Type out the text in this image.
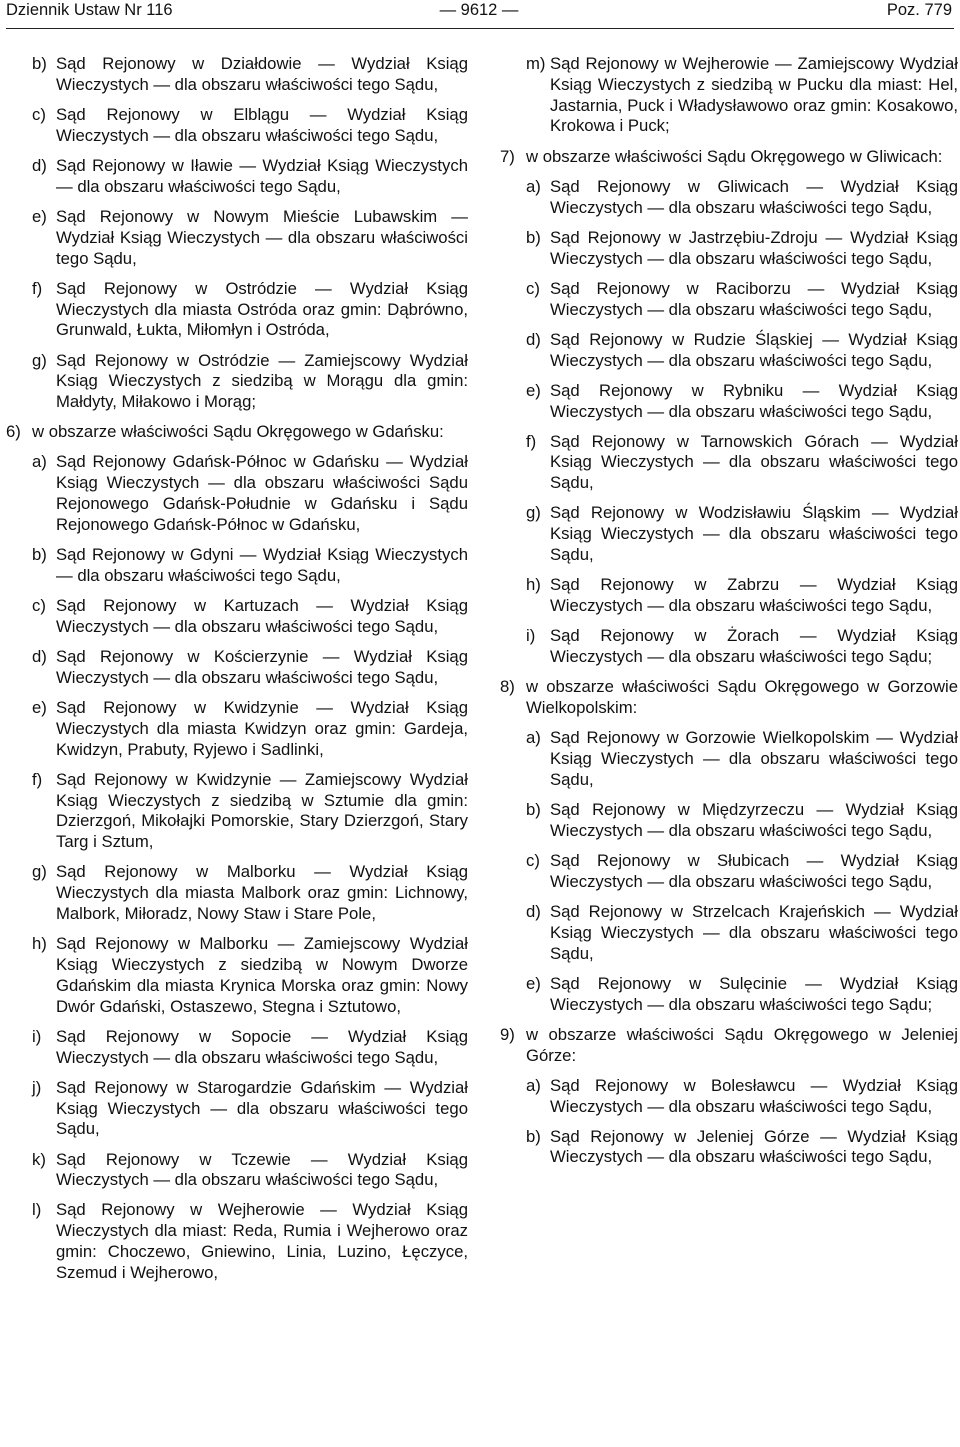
Dziennik Ustaw Nr 116	— 9612 —	Poz. 779
b) Sąd Rejonowy w Działdowie — Wydział Ksiąg Wieczystych — dla obszaru właściwości tego Sądu,
c) Sąd Rejonowy w Elblągu — Wydział Ksiąg Wieczystych — dla obszaru właściwości tego Sądu,
d) Sąd Rejonowy w Iławie — Wydział Ksiąg Wieczystych — dla obszaru właściwości tego Sądu,
e) Sąd Rejonowy w Nowym Mieście Lubawskim — Wydział Ksiąg Wieczystych — dla obszaru właściwości tego Sądu,
f) Sąd Rejonowy w Ostródzie — Wydział Ksiąg Wieczystych dla miasta Ostróda oraz gmin: Dąbrówno, Grunwald, Łukta, Miłomłyn i Ostróda,
g) Sąd Rejonowy w Ostródzie — Zamiejscowy Wydział Ksiąg Wieczystych z siedzibą w Morągu dla gmin: Małdyty, Miłakowo i Morąg;
6) w obszarze właściwości Sądu Okręgowego w Gdańsku:
a) Sąd Rejonowy Gdańsk-Północ w Gdańsku — Wydział Ksiąg Wieczystych — dla obszaru właściwości Sądu Rejonowego Gdańsk-Południe w Gdańsku i Sądu Rejonowego Gdańsk-Północ w Gdańsku,
b) Sąd Rejonowy w Gdyni — Wydział Ksiąg Wieczystych — dla obszaru właściwości tego Sądu,
c) Sąd Rejonowy w Kartuzach — Wydział Ksiąg Wieczystych — dla obszaru właściwości tego Sądu,
d) Sąd Rejonowy w Kościerzynie — Wydział Ksiąg Wieczystych — dla obszaru właściwości tego Sądu,
e) Sąd Rejonowy w Kwidzynie — Wydział Ksiąg Wieczystych dla miasta Kwidzyn oraz gmin: Gardeja, Kwidzyn, Prabuty, Ryjewo i Sadlinki,
f) Sąd Rejonowy w Kwidzynie — Zamiejscowy Wydział Ksiąg Wieczystych z siedzibą w Sztumie dla gmin: Dzierzgoń, Mikołajki Pomorskie, Stary Dzierzgoń, Stary Targ i Sztum,
g) Sąd Rejonowy w Malborku — Wydział Ksiąg Wieczystych dla miasta Malbork oraz gmin: Lichnowy, Malbork, Miłoradz, Nowy Staw i Stare Pole,
h) Sąd Rejonowy w Malborku — Zamiejscowy Wydział Ksiąg Wieczystych z siedzibą w Nowym Dworze Gdańskim dla miasta Krynica Morska oraz gmin: Nowy Dwór Gdański, Ostaszewo, Stegna i Sztutowo,
i) Sąd Rejonowy w Sopocie — Wydział Ksiąg Wieczystych — dla obszaru właściwości tego Sądu,
j) Sąd Rejonowy w Starogardzie Gdańskim — Wydział Ksiąg Wieczystych — dla obszaru właściwości tego Sądu,
k) Sąd Rejonowy w Tczewie — Wydział Ksiąg Wieczystych — dla obszaru właściwości tego Sądu,
l) Sąd Rejonowy w Wejherowie — Wydział Ksiąg Wieczystych dla miast: Reda, Rumia i Wejherowo oraz gmin: Choczewo, Gniewino, Linia, Luzino, Łęczyce, Szemud i Wejherowo,
m) Sąd Rejonowy w Wejherowie — Zamiejscowy Wydział Ksiąg Wieczystych z siedzibą w Pucku dla miast: Hel, Jastarnia, Puck i Władysławowo oraz gmin: Kosakowo, Krokowa i Puck;
7) w obszarze właściwości Sądu Okręgowego w Gliwicach:
a) Sąd Rejonowy w Gliwicach — Wydział Ksiąg Wieczystych — dla obszaru właściwości tego Sądu,
b) Sąd Rejonowy w Jastrzębiu-Zdroju — Wydział Ksiąg Wieczystych — dla obszaru właściwości tego Sądu,
c) Sąd Rejonowy w Raciborzu — Wydział Ksiąg Wieczystych — dla obszaru właściwości tego Sądu,
d) Sąd Rejonowy w Rudzie Śląskiej — Wydział Ksiąg Wieczystych — dla obszaru właściwości tego Sądu,
e) Sąd Rejonowy w Rybniku — Wydział Ksiąg Wieczystych — dla obszaru właściwości tego Sądu,
f) Sąd Rejonowy w Tarnowskich Górach — Wydział Ksiąg Wieczystych — dla obszaru właściwości tego Sądu,
g) Sąd Rejonowy w Wodzisławiu Śląskim — Wydział Ksiąg Wieczystych — dla obszaru właściwości tego Sądu,
h) Sąd Rejonowy w Zabrzu — Wydział Ksiąg Wieczystych — dla obszaru właściwości tego Sądu,
i) Sąd Rejonowy w Żorach — Wydział Ksiąg Wieczystych — dla obszaru właściwości tego Sądu;
8) w obszarze właściwości Sądu Okręgowego w Gorzowie Wielkopolskim:
a) Sąd Rejonowy w Gorzowie Wielkopolskim — Wydział Ksiąg Wieczystych — dla obszaru właściwości tego Sądu,
b) Sąd Rejonowy w Międzyrzeczu — Wydział Ksiąg Wieczystych — dla obszaru właściwości tego Sądu,
c) Sąd Rejonowy w Słubicach — Wydział Ksiąg Wieczystych — dla obszaru właściwości tego Sądu,
d) Sąd Rejonowy w Strzelcach Krajeńskich — Wydział Ksiąg Wieczystych — dla obszaru właściwości tego Sądu,
e) Sąd Rejonowy w Sulęcinie — Wydział Ksiąg Wieczystych — dla obszaru właściwości tego Sądu;
9) w obszarze właściwości Sądu Okręgowego w Jeleniej Górze:
a) Sąd Rejonowy w Bolesławcu — Wydział Ksiąg Wieczystych — dla obszaru właściwości tego Sądu,
b) Sąd Rejonowy w Jeleniej Górze — Wydział Ksiąg Wieczystych — dla obszaru właściwości tego Sądu,
